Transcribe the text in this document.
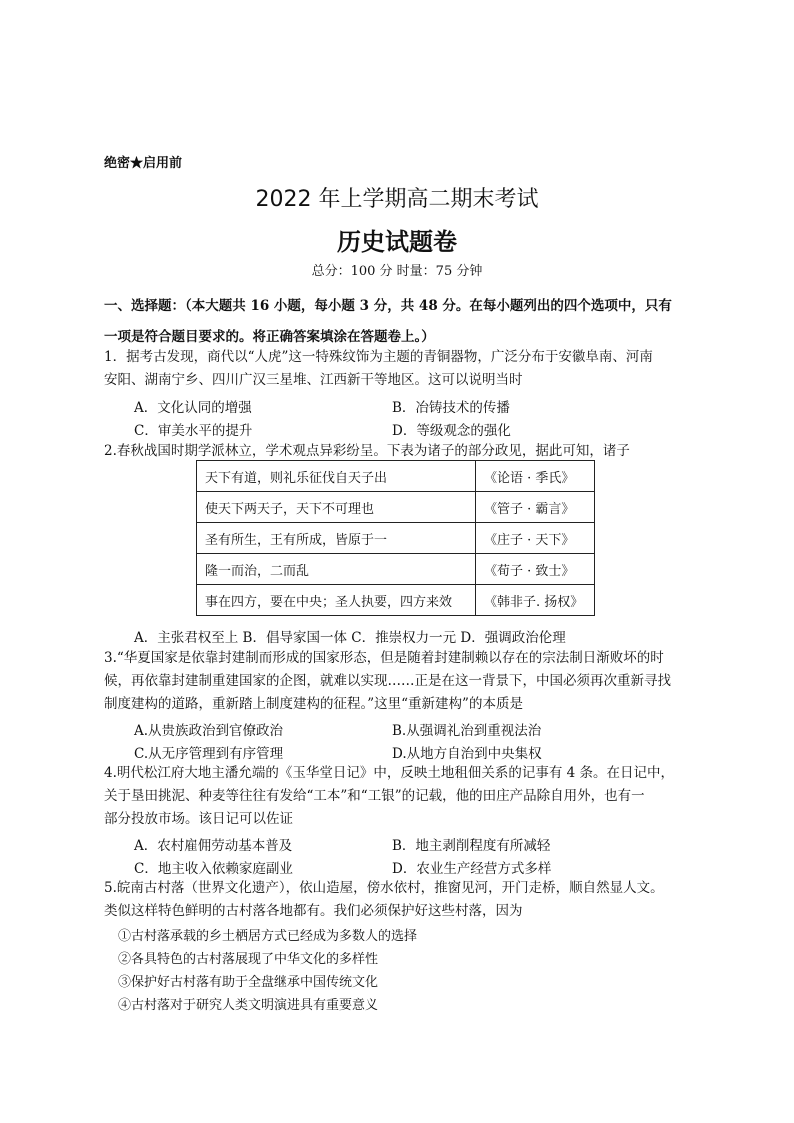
绝密★启用前
2022 年上学期高二期末考试
历史试题卷
总分：100 分 时量：75 分钟
一、选择题：（本大题共 16 小题，每小题 3 分，共 48 分。在每小题列出的四个选项中，只有
一项是符合题目要求的。将正确答案填涂在答题卷上。）
1．据考古发现，商代以“人虎”这一特殊纹饰为主题的青铜器物，广泛分布于安徽阜南、河南
安阳、湖南宁乡、四川广汉三星堆、江西新干等地区。这可以说明当时
A．文化认同的增强	B．冶铸技术的传播
C．审美水平的提升	D．等级观念的强化
2.春秋战国时期学派林立，学术观点异彩纷呈。下表为诸子的部分政见，据此可知，诸子
天下有道，则礼乐征伐自天子出	《论语 · 季氏》
使天下两天子，天下不可理也	《管子 · 霸言》
圣有所生，王有所成，皆原于一	《庄子 · 天下》
隆一而治，二而乱	《荀子 · 致士》
事在四方，要在中央；圣人执要，四方来效	《韩非子. 扬权》
A．主张君权至上 B．倡导家国一体 C．推崇权力一元 D．强调政治伦理
3.“华夏国家是依靠封建制而形成的国家形态，但是随着封建制赖以存在的宗法制日渐败坏的时
候，再依靠封建制重建国家的企图，就难以实现……正是在这一背景下，中国必须再次重新寻找
制度建构的道路，重新踏上制度建构的征程。”这里“重新建构”的本质是
A.从贵族政治到官僚政治	B.从强调礼治到重视法治
C.从无序管理到有序管理	D.从地方自治到中央集权
4.明代松江府大地主潘允端的《玉华堂日记》中，反映土地租佃关系的记事有 4 条。在日记中，
关于垦田挑泥、种麦等往往有发给“工本”和“工银”的记载，他的田庄产品除自用外，也有一
部分投放市场。该日记可以佐证
A．农村雇佣劳动基本普及	B．地主剥削程度有所减轻
C．地主收入依赖家庭副业	D．农业生产经营方式多样
5.皖南古村落（世界文化遗产），依山造屋，傍水依村，推窗见河，开门走桥，顺自然显人文。
类似这样特色鲜明的古村落各地都有。我们必须保护好这些村落，因为
①古村落承载的乡土栖居方式已经成为多数人的选择
②各具特色的古村落展现了中华文化的多样性
③保护好古村落有助于全盘继承中国传统文化
④古村落对于研究人类文明演进具有重要意义
